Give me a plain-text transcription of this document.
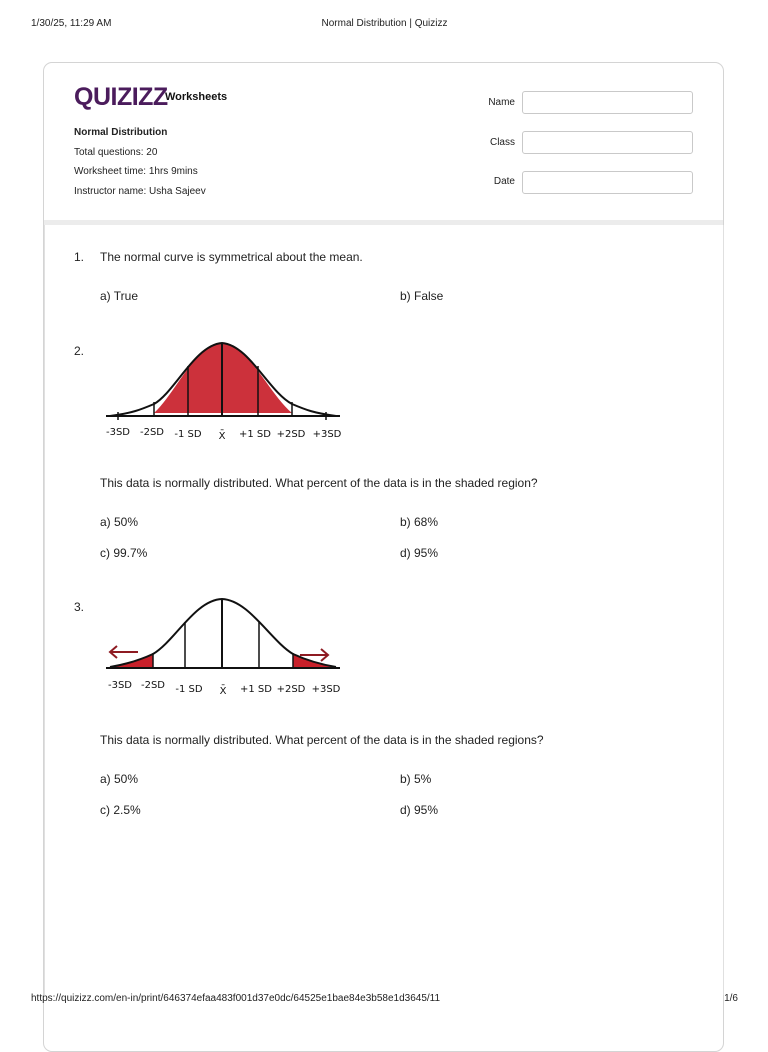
1/30/25, 11:29 AM	Normal Distribution | Quizizz
QUIZIZZ
Worksheets
Normal Distribution
Total questions: 20
Worksheet time: 1hrs 9mins
Instructor name: Usha Sajeev
Name
Class
Date
1. The normal curve is symmetrical about the mean.
a) True	b) False
2.
-3SD -2SD -1 SD X̄ +1 SD +2SD +3SD
This data is normally distributed. What percent of the data is in the shaded region?
a) 50%	b) 68%
c) 99.7%	d) 95%
3.
-3SD -2SD -1 SD X̄ +1 SD +2SD +3SD
This data is normally distributed. What percent of the data is in the shaded regions?
a) 50%	b) 5%
c) 2.5%	d) 95%
https://quizizz.com/en-in/print/646374efaa483f001d37e0dc/64525e1bae84e3b58e1d3645/11	1/6
